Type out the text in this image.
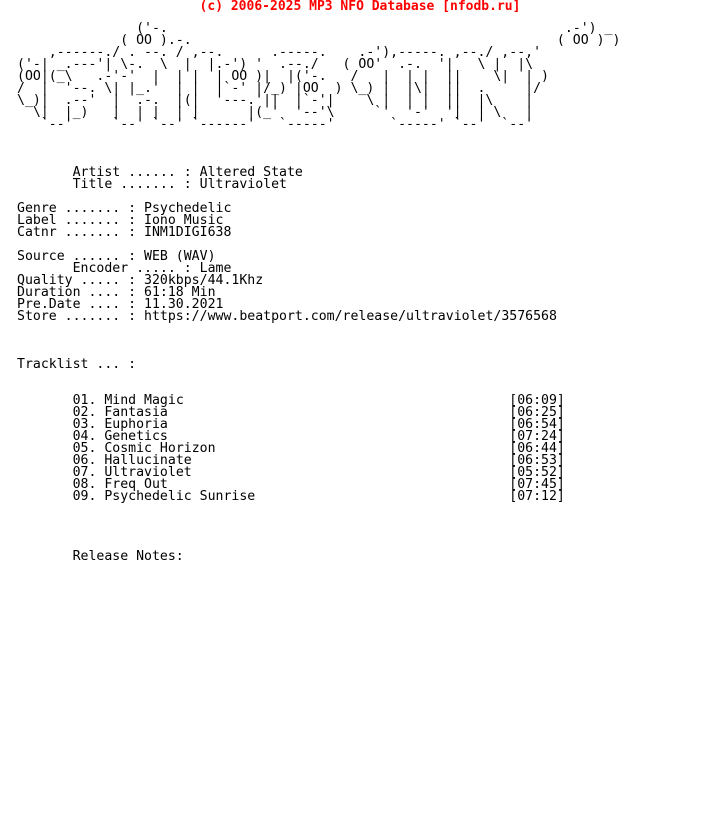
(c) 2006-2025 MP3 NFO Database [nfodb.ru]
('-.                                                  .-') _
( OO ).-.                                              ( OO ) )
,------./ . --. / ,--.      .-----.    .-'),-----. ,--./ ,--,'
('-| _.---'| \-.  \  |  |.-') '  .--./   ( OO'  .-.  '|   \ |  |\
(OO|(_\   .-'-'  |  | |  | OO )|  |('-.   /   |  | |  ||    \|  | )
/  |  '--. \| |_.'  | |  |`-' |/_) |OO  ) \_) |  |\|  ||  .     |/
\_)|  .--'  |  .-.  |(|  '---.'||  |`-'|    \ |  | |  ||  |\    |
\|  |_)   |  | |  | |      |(_'  '--'\     `'  '-'  '|  | \   |
`--'     `--' `--' `------'   `-----'       `-----' `--'  `--'

Artist ...... : Altered State
Title ....... : Ultraviolet

Genre ....... : Psychedelic
Label ....... : Iono Music
Catnr ....... : INM1DIGI638

Source ...... : WEB (WAV)
Encoder ..... : Lame
Quality ..... : 320kbps/44.1Khz
Duration .... : 61:18 Min
Pre.Date .... : 11.30.2021
Store ....... : https://www.beatport.com/release/ultraviolet/3576568

Tracklist ... :

01. Mind Magic	[06:09]
02. Fantasia	[06:25]
03. Euphoria	[06:54]
04. Genetics	[07:24]
05. Cosmic Horizon	[06:44]
06. Hallucinate	[06:53]
07. Ultraviolet	[05:52]
08. Freq Out	[07:45]
09. Psychedelic Sunrise	[07:12]

Release Notes:
